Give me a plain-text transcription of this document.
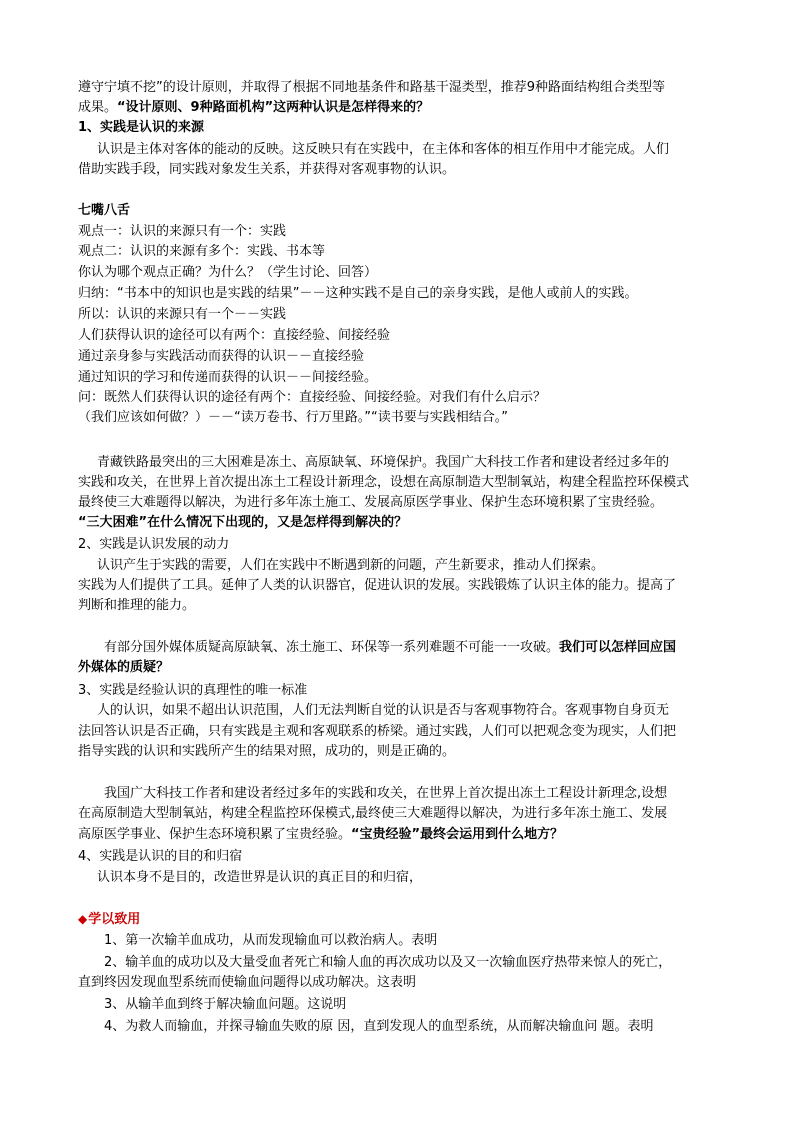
遵守宁填不挖”的设计原则，并取得了根据不同地基条件和路基干湿类型，推荐9种路面结构组合类型等
成果。“设计原则、9种路面机构”这两种认识是怎样得来的？
1、实践是认识的来源
认识是主体对客体的能动的反映。这反映只有在实践中，在主体和客体的相互作用中才能完成。人们
借助实践手段，同实践对象发生关系，并获得对客观事物的认识。
七嘴八舌
观点一：认识的来源只有一个：实践
观点二：认识的来源有多个：实践、书本等
你认为哪个观点正确？为什么？（学生讨论、回答）
归纳：“书本中的知识也是实践的结果”－－这种实践不是自己的亲身实践，是他人或前人的实践。
所以：认识的来源只有一个－－实践
人们获得认识的途径可以有两个：直接经验、间接经验
通过亲身参与实践活动而获得的认识－－直接经验
通过知识的学习和传递而获得的认识－－间接经验。
问：既然人们获得认识的途径有两个：直接经验、间接经验。对我们有什么启示？
（我们应该如何做？）－－“读万卷书、行万里路。”“读书要与实践相结合。”
青藏铁路最突出的三大困难是冻土、高原缺氧、环境保护。我国广大科技工作者和建设者经过多年的
实践和攻关，在世界上首次提出冻土工程设计新理念，设想在高原制造大型制氧站，构建全程监控环保模式
最终使三大难题得以解决，为进行多年冻土施工、发展高原医学事业、保护生态环境积累了宝贵经验。
“三大困难”在什么情况下出现的，又是怎样得到解决的？
2、实践是认识发展的动力
认识产生于实践的需要，人们在实践中不断遇到新的问题，产生新要求，推动人们探索。
实践为人们提供了工具。延伸了人类的认识器官，促进认识的发展。实践锻炼了认识主体的能力。提高了
判断和推理的能力。
有部分国外媒体质疑高原缺氧、冻土施工、环保等一系列难题不可能一一攻破。我们可以怎样回应国
外媒体的质疑？
3、实践是经验认识的真理性的唯一标准
人的认识，如果不超出认识范围，人们无法判断自觉的认识是否与客观事物符合。客观事物自身页无
法回答认识是否正确，只有实践是主观和客观联系的桥梁。通过实践，人们可以把观念变为现实，人们把
指导实践的认识和实践所产生的结果对照，成功的，则是正确的。
我国广大科技工作者和建设者经过多年的实践和攻关，在世界上首次提出冻土工程设计新理念,设想
在高原制造大型制氧站，构建全程监控环保模式,最终使三大难题得以解决，为进行多年冻土施工、发展
高原医学事业、保护生态环境积累了宝贵经验。“宝贵经验”最终会运用到什么地方？
4、实践是认识的目的和归宿
认识本身不是目的，改造世界是认识的真正目的和归宿，
◆学以致用
1、第一次输羊血成功，从而发现输血可以救治病人。表明
2、输羊血的成功以及大量受血者死亡和输人血的再次成功以及又一次输血医疗热带来惊人的死亡，
直到终因发现血型系统而使输血问题得以成功解决。这表明
3、从输羊血到终于解决输血问题。这说明
4、为救人而输血，并探寻输血失败的原 因，直到发现人的血型系统，从而解决输血问 题。表明
